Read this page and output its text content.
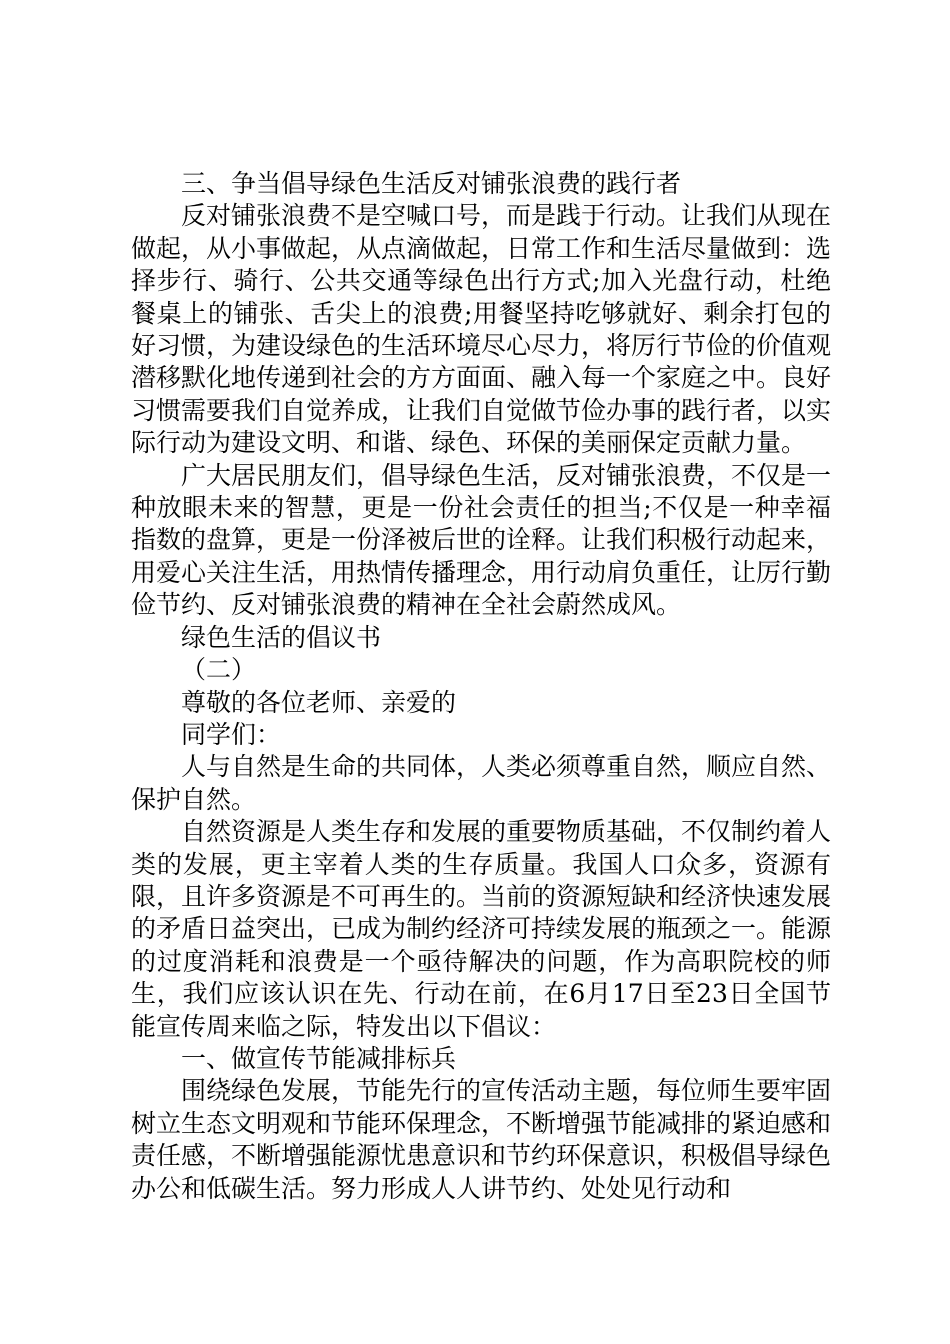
三、争当倡导绿色生活反对铺张浪费的践行者

反对铺张浪费不是空喊口号，而是践于行动。让我们从现在做起，从小事做起，从点滴做起，日常工作和生活尽量做到：选择步行、骑行、公共交通等绿色出行方式;加入光盘行动，杜绝餐桌上的铺张、舌尖上的浪费;用餐坚持吃够就好、剩余打包的好习惯，为建设绿色的生活环境尽心尽力，将厉行节俭的价值观潜移默化地传递到社会的方方面面、融入每一个家庭之中。良好习惯需要我们自觉养成，让我们自觉做节俭办事的践行者，以实际行动为建设文明、和谐、绿色、环保的美丽保定贡献力量。

广大居民朋友们，倡导绿色生活，反对铺张浪费，不仅是一种放眼未来的智慧，更是一份社会责任的担当;不仅是一种幸福指数的盘算，更是一份泽被后世的诠释。让我们积极行动起来，用爱心关注生活，用热情传播理念，用行动肩负重任，让厉行勤俭节约、反对铺张浪费的精神在全社会蔚然成风。

绿色生活的倡议书

（二）

尊敬的各位老师、亲爱的

同学们：

人与自然是生命的共同体，人类必须尊重自然，顺应自然、保护自然。

自然资源是人类生存和发展的重要物质基础，不仅制约着人类的发展，更主宰着人类的生存质量。我国人口众多，资源有限，且许多资源是不可再生的。当前的资源短缺和经济快速发展的矛盾日益突出，已成为制约经济可持续发展的瓶颈之一。能源的过度消耗和浪费是一个亟待解决的问题，作为高职院校的师生，我们应该认识在先、行动在前，在6月17日至23日全国节能宣传周来临之际，特发出以下倡议：

一、做宣传节能减排标兵

围绕绿色发展，节能先行的宣传活动主题，每位师生要牢固树立生态文明观和节能环保理念，不断增强节能减排的紧迫感和责任感，不断增强能源忧患意识和节约环保意识，积极倡导绿色办公和低碳生活。努力形成人人讲节约、处处见行动和
